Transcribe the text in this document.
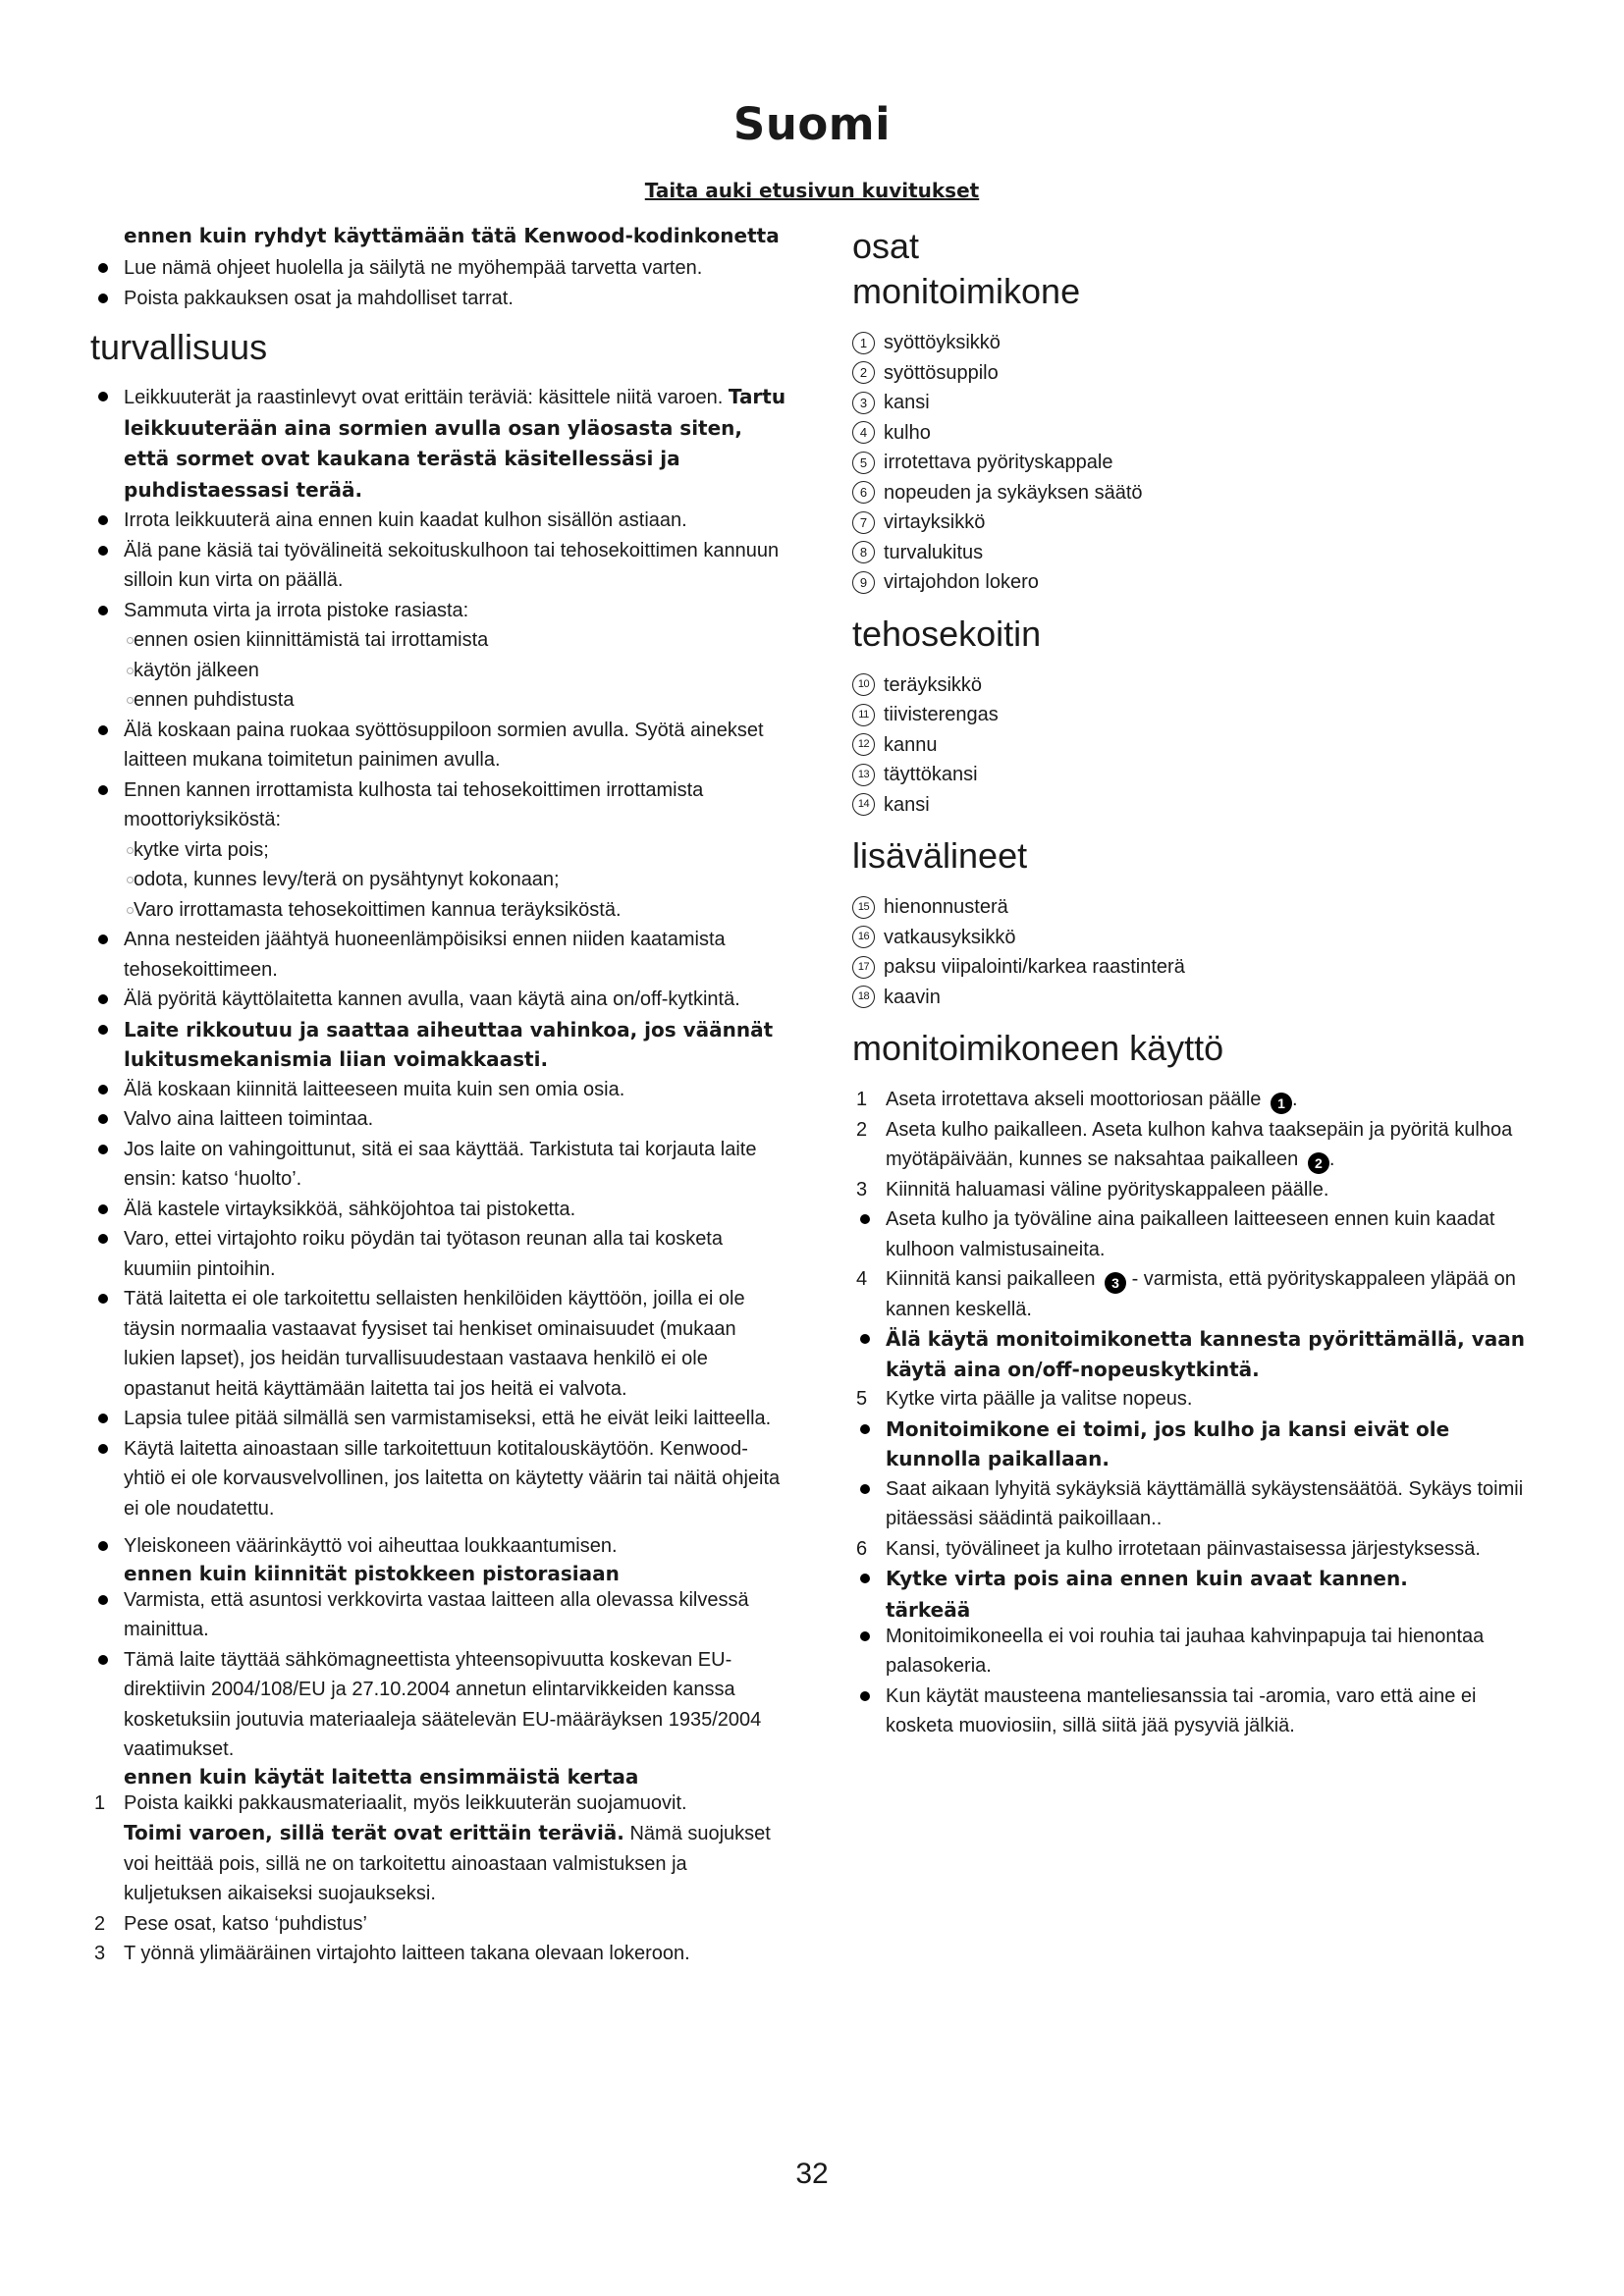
Suomi
Taita auki etusivun kuvitukset
ennen kuin ryhdyt käyttämään tätä Kenwood-kodinkonetta
Lue nämä ohjeet huolella ja säilytä ne myöhempää tarvetta varten.
Poista pakkauksen osat ja mahdolliset tarrat.
turvallisuus
Leikkuuterät ja raastinlevyt ovat erittäin teräviä: käsittele niitä varoen. Tartu leikkuuterään aina sormien avulla osan yläosasta siten, että sormet ovat kaukana terästä käsitellessäsi ja puhdistaessasi terää.
Irrota leikkuuterä aina ennen kuin kaadat kulhon sisällön astiaan.
Älä pane käsiä tai työvälineitä sekoituskulhoon tai tehosekoittimen kannuun silloin kun virta on päällä.
Sammuta virta ja irrota pistoke rasiasta:
ennen osien kiinnittämistä tai irrottamista
käytön jälkeen
ennen puhdistusta
Älä koskaan paina ruokaa syöttösuppiloon sormien avulla. Syötä ainekset laitteen mukana toimitetun painimen avulla.
Ennen kannen irrottamista kulhosta tai tehosekoittimen irrottamista moottoriyksiköstä:
kytke virta pois;
odota, kunnes levy/terä on pysähtynyt kokonaan;
Varo irrottamasta tehosekoittimen kannua teräyksiköstä.
Anna nesteiden jäähtyä huoneenlämpöisiksi ennen niiden kaatamista tehosekoittimeen.
Älä pyöritä käyttölaitetta kannen avulla, vaan käytä aina on/off-kytkintä.
Laite rikkoutuu ja saattaa aiheuttaa vahinkoa, jos väännät lukitusmekanismia liian voimakkaasti.
Älä koskaan kiinnitä laitteeseen muita kuin sen omia osia.
Valvo aina laitteen toimintaa.
Jos laite on vahingoittunut, sitä ei saa käyttää. Tarkistuta tai korjauta laite ensin: katso ‘huolto’.
Älä kastele virtayksikköä, sähköjohtoa tai pistoketta.
Varo, ettei virtajohto roiku pöydän tai työtason reunan alla tai kosketa kuumiin pintoihin.
Tätä laitetta ei ole tarkoitettu sellaisten henkilöiden käyttöön, joilla ei ole täysin normaalia vastaavat fyysiset tai henkiset ominaisuudet (mukaan lukien lapset), jos heidän turvallisuudestaan vastaava henkilö ei ole opastanut heitä käyttämään laitetta tai jos heitä ei valvota.
Lapsia tulee pitää silmällä sen varmistamiseksi, että he eivät leiki laitteella.
Käytä laitetta ainoastaan sille tarkoitettuun kotitalouskäytöön. Kenwood-yhtiö ei ole korvausvelvollinen, jos laitetta on käytetty väärin tai näitä ohjeita ei ole noudatettu.
Yleiskoneen väärinkäyttö voi aiheuttaa loukkaantumisen.
ennen kuin kiinnität pistokkeen pistorasiaan
Varmista, että asuntosi verkkovirta vastaa laitteen alla olevassa kilvessä mainittua.
Tämä laite täyttää sähkömagneettista yhteensopivuutta koskevan EU-direktiivin 2004/108/EU ja 27.10.2004 annetun elintarvikkeiden kanssa kosketuksiin joutuvia materiaaleja säätelevän EU-määräyksen 1935/2004 vaatimukset.
ennen kuin käytät laitetta ensimmäistä kertaa
1 Poista kaikki pakkausmateriaalit, myös leikkuuterän suojamuovit.
Toimi varoen, sillä terät ovat erittäin teräviä. Nämä suojukset voi heittää pois, sillä ne on tarkoitettu ainoastaan valmistuksen ja kuljetuksen aikaiseksi suojaukseksi.
2 Pese osat, katso ‘puhdistus’
3 T yönnä ylimääräinen virtajohto laitteen takana olevaan lokeroon.
osat
monitoimikone
1 syöttöyksikkö
2 syöttösuppilo
3 kansi
4 kulho
5 irrotettava pyörityskappale
6 nopeuden ja sykäyksen säätö
7 virtayksikkö
8 turvalukitus
9 virtajohdon lokero
tehosekoitin
10 teräyksikkö
11 tiivisterengas
12 kannu
13 täyttökansi
14 kansi
lisävälineet
15 hienonnusterä
16 vatkausyksikkö
17 paksu viipalointi/karkea raastinterä
18 kaavin
monitoimikoneen käyttö
1 Aseta irrotettava akseli moottoriosan päälle 1 .
2 Aseta kulho paikalleen. Aseta kulhon kahva taaksepäin ja pyöritä kulhoa myötäpäivään, kunnes se naksahtaa paikalleen 2 .
3 Kiinnitä haluamasi väline pyörityskappaleen päälle.
Aseta kulho ja työväline aina paikalleen laitteeseen ennen kuin kaadat kulhoon valmistusaineita.
4 Kiinnitä kansi paikalleen 3 - varmista, että pyörityskappaleen yläpää on kannen keskellä.
Älä käytä monitoimikonetta kannesta pyörittämällä, vaan käytä aina on/off-nopeuskytkintä.
5 Kytke virta päälle ja valitse nopeus.
Monitoimikone ei toimi, jos kulho ja kansi eivät ole kunnolla paikallaan.
Saat aikaan lyhyitä sykäyksiä käyttämällä sykäystensäätöä. Sykäys toimii pitäessäsi säädintä paikoillaan..
6 Kansi, työvälineet ja kulho irrotetaan päinvastaisessa järjestyksessä.
Kytke virta pois aina ennen kuin avaat kannen.
tärkeää
Monitoimikoneella ei voi rouhia tai jauhaa kahvinpapuja tai hienontaa palasokeria.
Kun käytät mausteena manteliesanssia tai -aromia, varo että aine ei kosketa muoviosiin, sillä siitä jää pysyviä jälkiä.
32
